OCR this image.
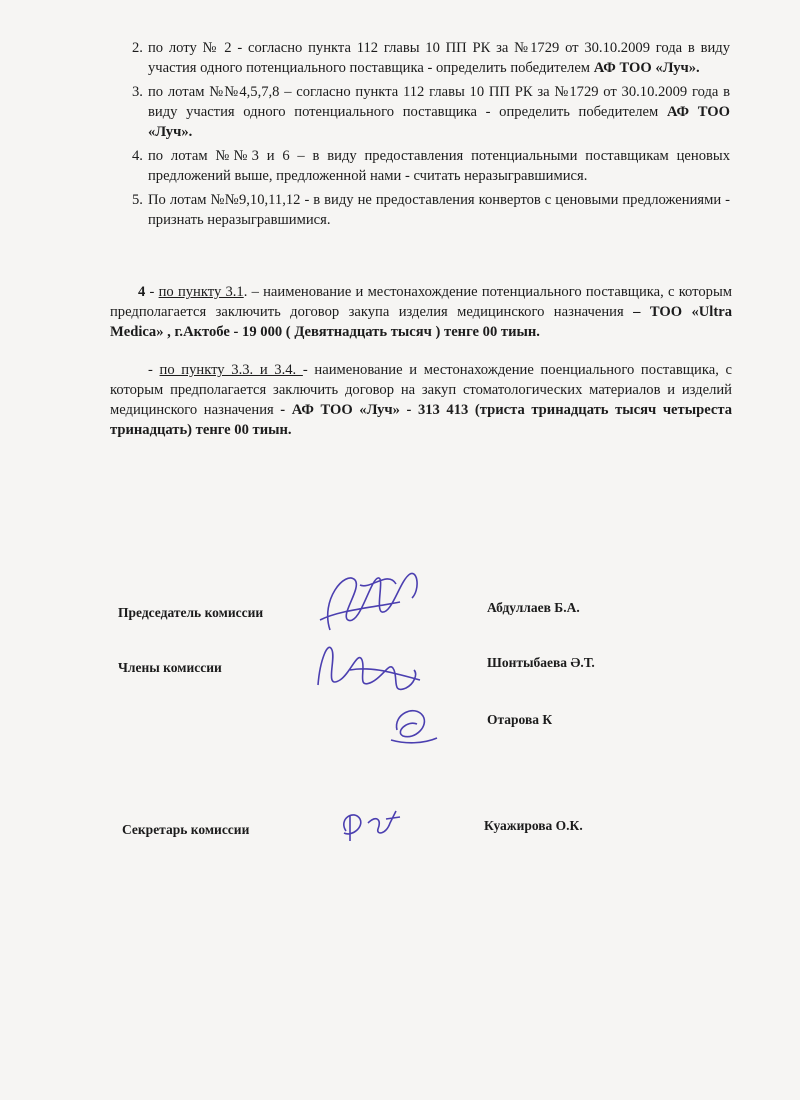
2. по лоту № 2 - согласно пункта 112 главы 10 ПП РК за №1729 от 30.10.2009 года в виду участия одного потенциального поставщика - определить победителем АФ ТОО «Луч».
3. по лотам №№4,5,7,8 – согласно пункта 112 главы 10 ПП РК за №1729 от 30.10.2009 года в виду участия одного потенциального поставщика - определить победителем АФ ТОО «Луч».
4. по лотам №№3 и 6 – в виду предоставления потенциальными поставщикам ценовых предложений выше, предложенной нами - считать неразыгравшимися.
5. По лотам №№9,10,11,12 - в виду не предоставления конвертов с ценовыми предложениями - признать неразыгравшимися.

4 - по пункту 3.1. – наименование и местонахождение потенциального поставщика, с которым предполагается заключить договор закупа изделия медицинского назначения – ТОО «Ultra Medica» , г.Актобе - 19 000 ( Девятнадцать тысяч ) тенге 00 тиын.

- по пункту 3.3. и 3.4. - наименование и местонахождение поенциального поставщика, с которым предполагается заключить договор на закуп стоматологических материалов и изделий медицинского назначения - АФ ТОО «Луч» - 313 413 (триста тринадцать тысяч четыреста тринадцать) тенге 00 тиын.

Председатель комиссии	Абдуллаев Б.А.
Члены комиссии	Шонтыбаева Ә.Т.
Отарова К
Секретарь комиссии	Куажирова О.К.
